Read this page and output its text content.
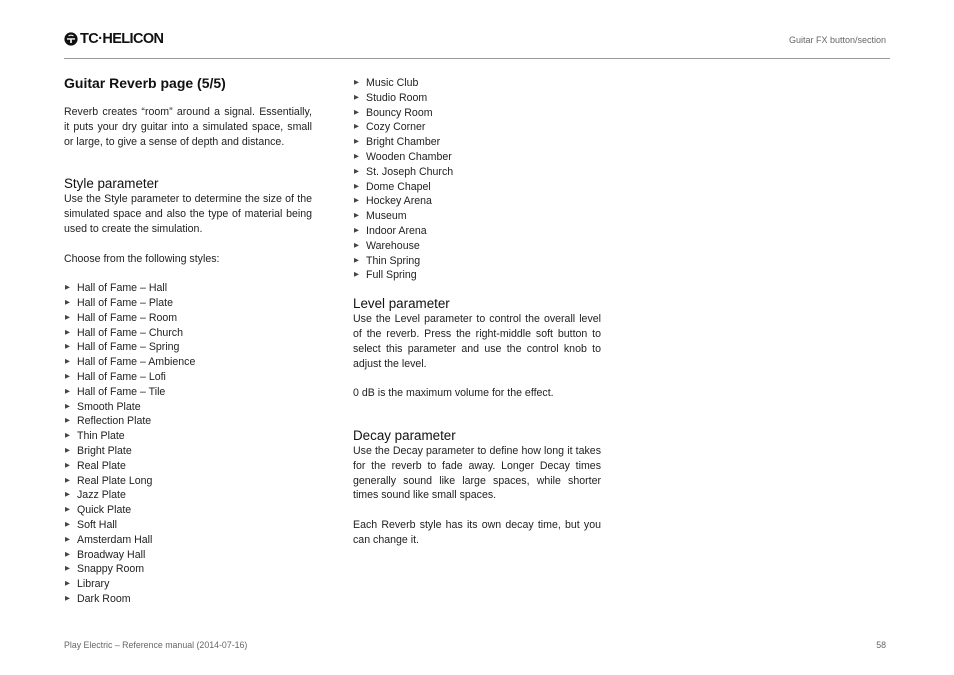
TC·HELICON	Guitar FX button/section
Guitar Reverb page (5/5)

Reverb creates “room” around a signal. Essentially, it puts your dry guitar into a simulated space, small or large, to give a sense of depth and distance.

Style parameter

Use the Style parameter to determine the size of the simulated space and also the type of material being used to create the simulation.

Choose from the following styles:

▶ Hall of Fame – Hall
▶ Hall of Fame – Plate
▶ Hall of Fame – Room
▶ Hall of Fame – Church
▶ Hall of Fame – Spring
▶ Hall of Fame – Ambience
▶ Hall of Fame – Lofi
▶ Hall of Fame – Tile
▶ Smooth Plate
▶ Reflection Plate
▶ Thin Plate
▶ Bright Plate
▶ Real Plate
▶ Real Plate Long
▶ Jazz Plate
▶ Quick Plate
▶ Soft Hall
▶ Amsterdam Hall
▶ Broadway Hall
▶ Snappy Room
▶ Library
▶ Dark Room
▶ Music Club
▶ Studio Room
▶ Bouncy Room
▶ Cozy Corner
▶ Bright Chamber
▶ Wooden Chamber
▶ St. Joseph Church
▶ Dome Chapel
▶ Hockey Arena
▶ Museum
▶ Indoor Arena
▶ Warehouse
▶ Thin Spring
▶ Full Spring
Level parameter

Use the Level parameter to control the overall level of the reverb. Press the right-middle soft button to select this parameter and use the control knob to adjust the level.

0 dB is the maximum volume for the effect.

Decay parameter

Use the Decay parameter to define how long it takes for the reverb to fade away. Longer Decay times generally sound like large spaces, while shorter times sound like small spaces.

Each Reverb style has its own decay time, but you can change it.

Play Electric – Reference manual (2014-07-16)	58
